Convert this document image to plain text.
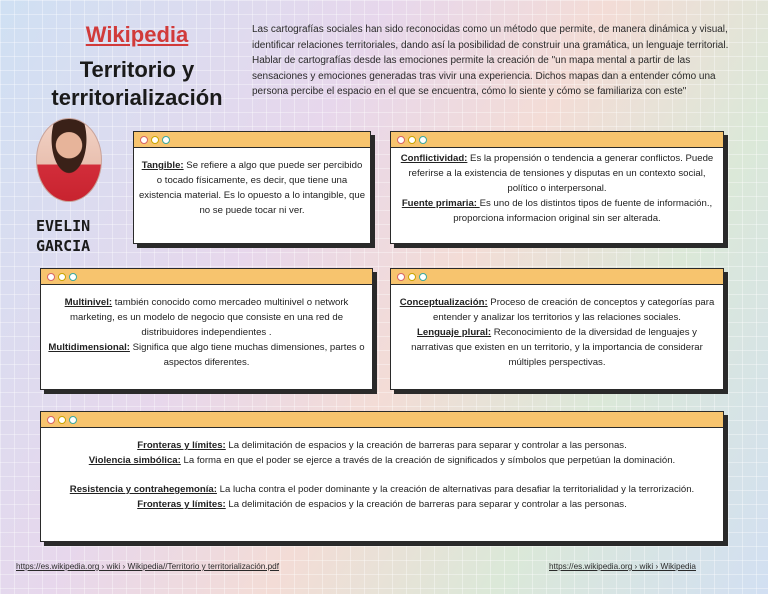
Wikipedia
Territorio y
territorialización
Las cartografías sociales han sido reconocidas como un método que permite, de manera dinámica y visual, identificar relaciones territoriales, dando así la posibilidad de construir una gramática, un lenguaje territorial. Hablar de cartografías desde las emociones permite la creación de "un mapa mental a partir de las sensaciones y emociones generadas tras vivir una experiencia. Dichos mapas dan a entender cómo una persona percibe el espacio en el que se encuentra, cómo lo siente y cómo se familiariza con este"
EVELIN
GARCIA
Tangible: Se refiere a algo que puede ser percibido o tocado físicamente, es decir, que tiene una existencia material. Es lo opuesto a lo intangible, que no se puede tocar ni ver.
Conflictividad: Es la propensión o tendencia a generar conflictos. Puede referirse a la existencia de tensiones y disputas en un contexto social, político o interpersonal.
Fuente primaria: Es uno de los distintos tipos de fuente de información., proporciona informacion original sin ser alterada.
Multinivel: también conocido como mercadeo multinivel o network marketing, es un modelo de negocio que consiste en una red de distribuidores independientes .
Multidimensional: Significa que algo tiene muchas dimensiones, partes o aspectos diferentes.
Conceptualización: Proceso de creación de conceptos y categorías para entender y analizar los territorios y las relaciones sociales.
Lenguaje plural: Reconocimiento de la diversidad de lenguajes y narrativas que existen en un territorio, y la importancia de considerar múltiples perspectivas.
Fronteras y límites: La delimitación de espacios y la creación de barreras para separar y controlar a las personas.
Violencia simbólica: La forma en que el poder se ejerce a través de la creación de significados y símbolos que perpetúan la dominación.
Resistencia y contrahegemonía: La lucha contra el poder dominante y la creación de alternativas para desafiar la territorialidad y la terrorización.
Fronteras y límites: La delimitación de espacios y la creación de barreras para separar y controlar a las personas.
https://es.wikipedia.org › wiki › Wikipedia//Territorio y territorialización.pdf	https://es.wikipedia.org › wiki › Wikipedia
